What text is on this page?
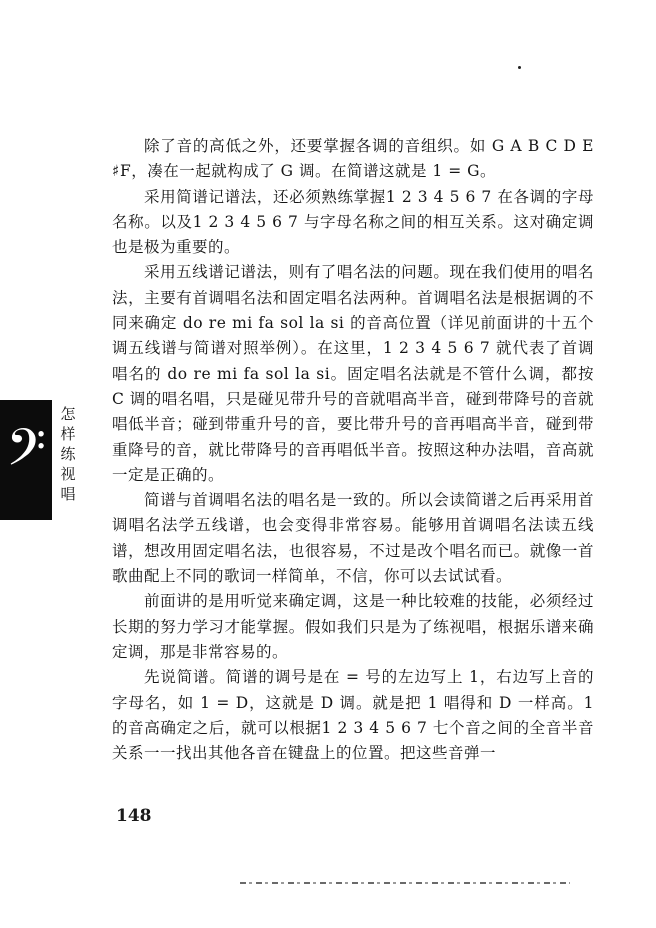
𝄢
怎
样
练
视
唱

除了音的高低之外，还要掌握各调的音组织。如 G A B C D E ♯F，凑在一起就构成了 G 调。在简谱这就是 1 = G。

采用简谱记谱法，还必须熟练掌握1 2 3 4 5 6 7 在各调的字母名称。以及1 2 3 4 5 6 7 与字母名称之间的相互关系。这对确定调也是极为重要的。

采用五线谱记谱法，则有了唱名法的问题。现在我们使用的唱名法，主要有首调唱名法和固定唱名法两种。首调唱名法是根据调的不同来确定 do re mi fa sol la si 的音高位置（详见前面讲的十五个调五线谱与简谱对照举例）。在这里，1 2 3 4 5 6 7 就代表了首调唱名的 do re mi fa sol la si。固定唱名法就是不管什么调，都按 C 调的唱名唱，只是碰见带升号的音就唱高半音，碰到带降号的音就唱低半音；碰到带重升号的音，要比带升号的音再唱高半音，碰到带重降号的音，就比带降号的音再唱低半音。按照这种办法唱，音高就一定是正确的。

简谱与首调唱名法的唱名是一致的。所以会读简谱之后再采用首调唱名法学五线谱，也会变得非常容易。能够用首调唱名法读五线谱，想改用固定唱名法，也很容易，不过是改个唱名而已。就像一首歌曲配上不同的歌词一样简单，不信，你可以去试试看。

前面讲的是用听觉来确定调，这是一种比较难的技能，必须经过长期的努力学习才能掌握。假如我们只是为了练视唱，根据乐谱来确定调，那是非常容易的。

先说简谱。简谱的调号是在 = 号的左边写上 1，右边写上音的字母名，如 1 = D，这就是 D 调。就是把 1 唱得和 D 一样高。1 的音高确定之后，就可以根据1 2 3 4 5 6 7 七个音之间的全音半音关系一一找出其他各音在键盘上的位置。把这些音弹一

148
